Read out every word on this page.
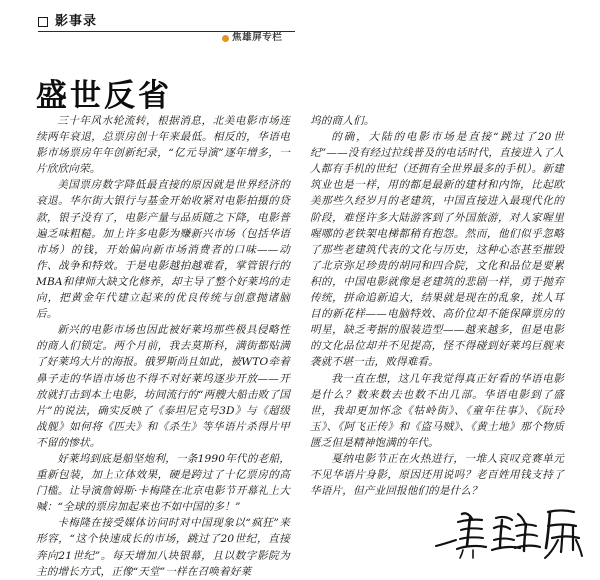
影事录
焦雄屏专栏
盛世反省

三十年风水轮流转，根据消息，北美电影市场连续两年衰退，总票房创十年来最低。相反的，华语电影市场票房年年创新纪录，“亿元导演”逐年增多，一片欣欣向荣。

美国票房数字降低最直接的原因就是世界经济的衰退。华尔街大银行与基金开始收紧对电影拍摄的贷款，银子没有了，电影产量与品质随之下降，电影普遍乏味粗糙。加上许多电影为赚新兴市场（包括华语市场）的钱，开始偏向新市场消费者的口味——动作、战争和特效。于是电影越拍越难看，掌管银行的MBA和律师大缺文化修养，却主导了整个好莱坞的走向，把黄金年代建立起来的优良传统与创意抛诸脑后。

新兴的电影市场也因此被好莱坞那些极具侵略性的商人们锁定。两个月前，我去莫斯科，满街都贴满了好莱坞大片的海报。俄罗斯尚且如此，被WTO牵着鼻子走的华语市场也不得不对好莱坞逐步开放——开放就打击到本土电影，坊间流行的“两艘大船击败了国片”的说法，确实反映了《泰坦尼克号3D》与《超级战舰》如何将《匹夫》和《杀生》等华语片杀得片甲不留的惨状。

好莱坞到底是船坚炮利，一条1990年代的老船，重新包装，加上立体效果，硬是跨过了十亿票房的高门槛。让导演詹姆斯·卡梅隆在北京电影节开幕礼上大喊：“全球的票房加起来也不如中国的多！”

卡梅隆在接受媒体访问时对中国现象以“疯狂”来形容，“这个快速成长的市场，跳过了20世纪，直接奔向21世纪”。每天增加八块银幕，且以数字影院为主的增长方式，正像“天堂”一样在召唤着好莱

坞的商人们。

的确，大陆的电影市场是直接“跳过了20世纪”——没有经过拉线普及的电话时代，直接进入了人人都有手机的世纪（还拥有全世界最多的手机）。新建筑业也是一样，用的都是最新的建材和内饰，比起欧美那些久经岁月的老建筑，中国直接进入最现代化的阶段，难怪许多大陆游客到了外国旅游，对人家喔里喔哪的老铁架电梯都稍有抱怨。然而，他们似乎忽略了那些老建筑代表的文化与历史，这种心态甚至摧毁了北京弥足珍贵的胡同和四合院，文化和品位是要累积的，中国电影就像是老建筑的悲剧一样，勇于抛弃传统，拼命追新追大，结果就是现在的乱象，扰人耳目的新花样——电脑特效、高价位却不能保障票房的明星，缺乏考据的服装造型——越来越多，但是电影的文化品位却并不见提高，怪不得碰到好莱坞巨舰来袭就不堪一击，败得难看。

我一直在想，这几年我觉得真正好看的华语电影是什么？数来数去也数不出几部。华语电影到了盛世，我却更加怀念《牯岭街》、《童年往事》、《阮玲玉》、《阿飞正传》和《盗马贼》、《黄土地》那个物质匮乏但是精神饱满的年代。

戛纳电影节正在火热进行，一堆人哀叹竞赛单元不见华语片身影，原因还用说吗？老百姓用钱支持了华语片，但产业回报他们的是什么？
